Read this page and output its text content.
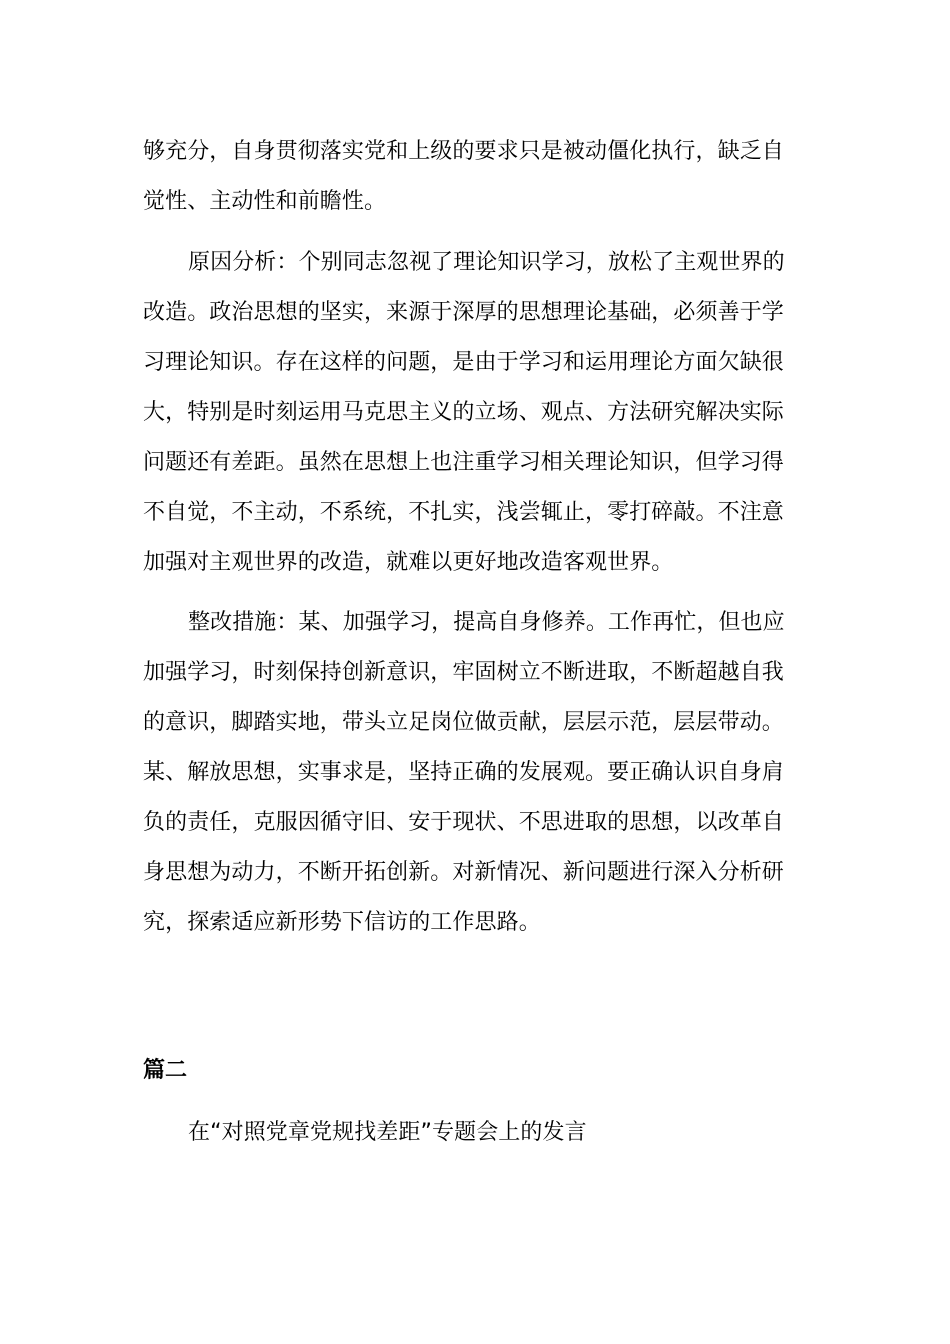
够充分，自身贯彻落实党和上级的要求只是被动僵化执行，缺乏自
觉性、主动性和前瞻性。
原因分析：个别同志忽视了理论知识学习，放松了主观世界的
改造。政治思想的坚实，来源于深厚的思想理论基础，必须善于学
习理论知识。存在这样的问题，是由于学习和运用理论方面欠缺很
大，特别是时刻运用马克思主义的立场、观点、方法研究解决实际
问题还有差距。虽然在思想上也注重学习相关理论知识，但学习得
不自觉，不主动，不系统，不扎实，浅尝辄止，零打碎敲。不注意
加强对主观世界的改造，就难以更好地改造客观世界。
整改措施：某、加强学习，提高自身修养。工作再忙，但也应
加强学习，时刻保持创新意识，牢固树立不断进取，不断超越自我
的意识，脚踏实地，带头立足岗位做贡献，层层示范，层层带动。
某、解放思想，实事求是，坚持正确的发展观。要正确认识自身肩
负的责任，克服因循守旧、安于现状、不思进取的思想，以改革自
身思想为动力，不断开拓创新。对新情况、新问题进行深入分析研
究，探索适应新形势下信访的工作思路。
篇二
在“对照党章党规找差距”专题会上的发言
